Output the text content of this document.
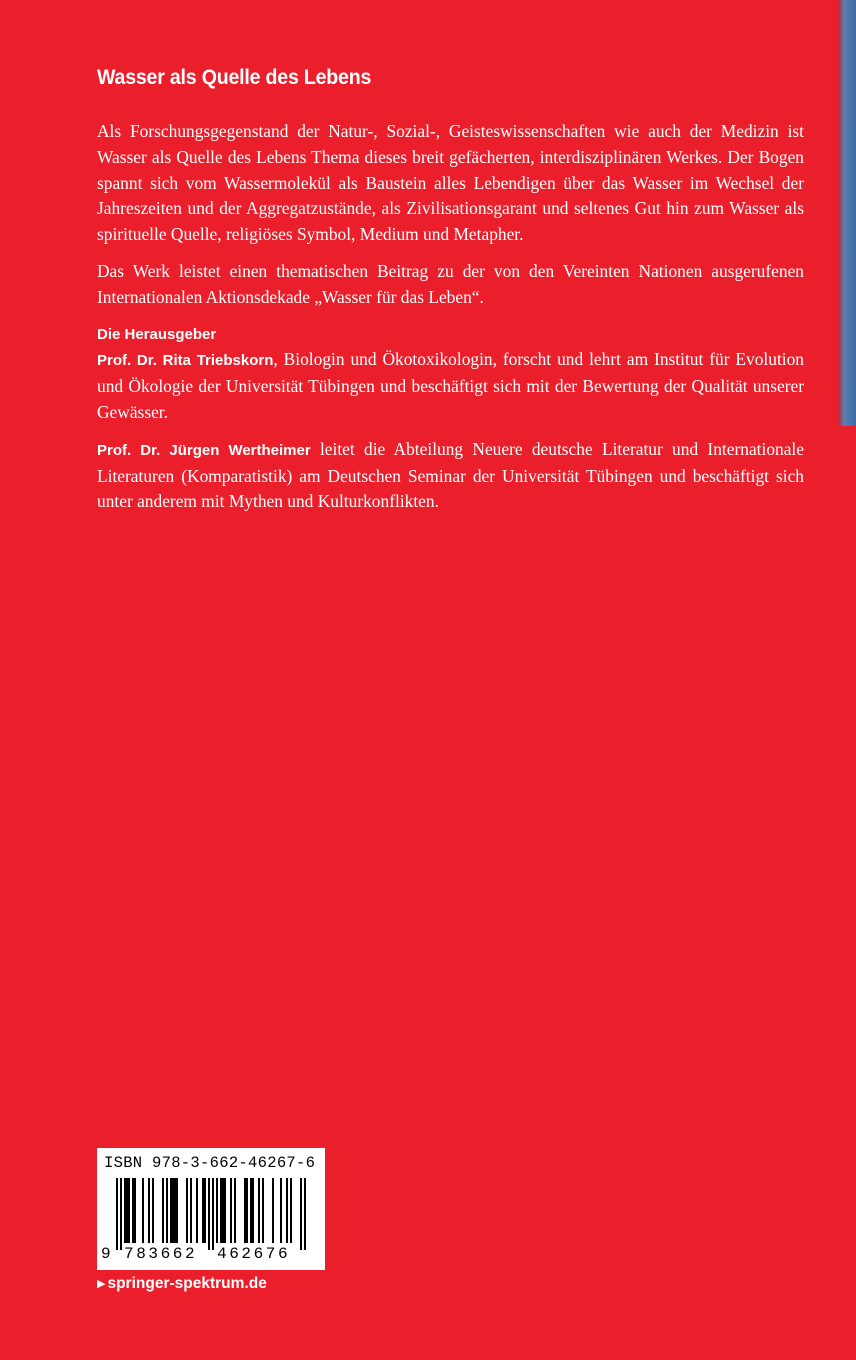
Wasser als Quelle des Lebens

Als Forschungsgegenstand der Natur-, Sozial-, Geisteswissenschaften wie auch der Medizin ist Wasser als Quelle des Lebens Thema dieses breit gefächerten, interdisziplinären Werkes. Der Bogen spannt sich vom Wassermolekül als Baustein alles Lebendigen über das Wasser im Wechsel der Jahreszeiten und der Aggregatzustände, als Zivilisationsgarant und seltenes Gut hin zum Wasser als spirituelle Quelle, religiöses Symbol, Medium und Metapher.

Das Werk leistet einen thematischen Beitrag zu der von den Vereinten Nationen ausgerufenen Internationalen Aktionsdekade „Wasser für das Leben“.

Die Herausgeber

Prof. Dr. Rita Triebskorn, Biologin und Ökotoxikologin, forscht und lehrt am Institut für Evolution und Ökologie der Universität Tübingen und beschäftigt sich mit der Bewertung der Qualität unserer Gewässer.

Prof. Dr. Jürgen Wertheimer leitet die Abteilung Neuere deutsche Literatur und Internationale Literaturen (Komparatistik) am Deutschen Seminar der Universität Tübingen und beschäftigt sich unter anderem mit Mythen und Kulturkonflikten.

ISBN 978-3-662-46267-6
9 783662 462676
▶ springer-spektrum.de
